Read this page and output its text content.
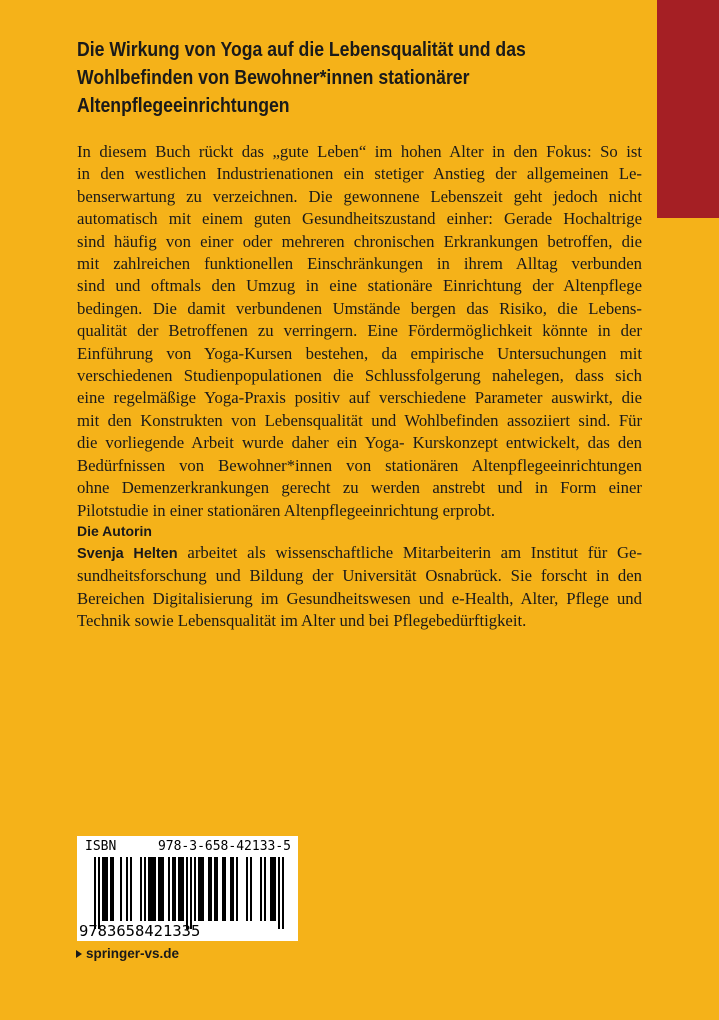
Die Wirkung von Yoga auf die Lebensqualität und das
Wohlbefinden von Bewohner*innen stationärer
Altenpflegeeinrichtungen

In diesem Buch rückt das „gute Leben“ im hohen Alter in den Fokus: So ist
in den westlichen Industrienationen ein stetiger Anstieg der allgemeinen Le-
benserwartung zu verzeichnen. Die gewonnene Lebenszeit geht jedoch nicht
automatisch mit einem guten Gesundheitszustand einher: Gerade Hochaltrige
sind häufig von einer oder mehreren chronischen Erkrankungen betroffen, die
mit zahlreichen funktionellen Einschränkungen in ihrem Alltag verbunden
sind und oftmals den Umzug in eine stationäre Einrichtung der Altenpflege
bedingen. Die damit verbundenen Umstände bergen das Risiko, die Lebens-
qualität der Betroffenen zu verringern. Eine Fördermöglichkeit könnte in der
Einführung von Yoga-Kursen bestehen, da empirische Untersuchungen mit
verschiedenen Studienpopulationen die Schlussfolgerung nahelegen, dass sich
eine regelmäßige Yoga-Praxis positiv auf verschiedene Parameter auswirkt, die
mit den Konstrukten von Lebensqualität und Wohlbefinden assoziiert sind. Für
die vorliegende Arbeit wurde daher ein Yoga- Kurskonzept entwickelt, das den
Bedürfnissen von Bewohner*innen von stationären Altenpflegeeinrichtungen
ohne Demenzerkrankungen gerecht zu werden anstrebt und in Form einer
Pilotstudie in einer stationären Altenpflegeeinrichtung erprobt.

Die Autorin

Svenja Helten arbeitet als wissenschaftliche Mitarbeiterin am Institut für Ge-
sundheitsforschung und Bildung der Universität Osnabrück. Sie forscht in den
Bereichen Digitalisierung im Gesundheitswesen und e-Health, Alter, Pflege und
Technik sowie Lebensqualität im Alter und bei Pflegebedürftigkeit.

ISBN 978-3-658-42133-5
9783658421335
springer-vs.de
